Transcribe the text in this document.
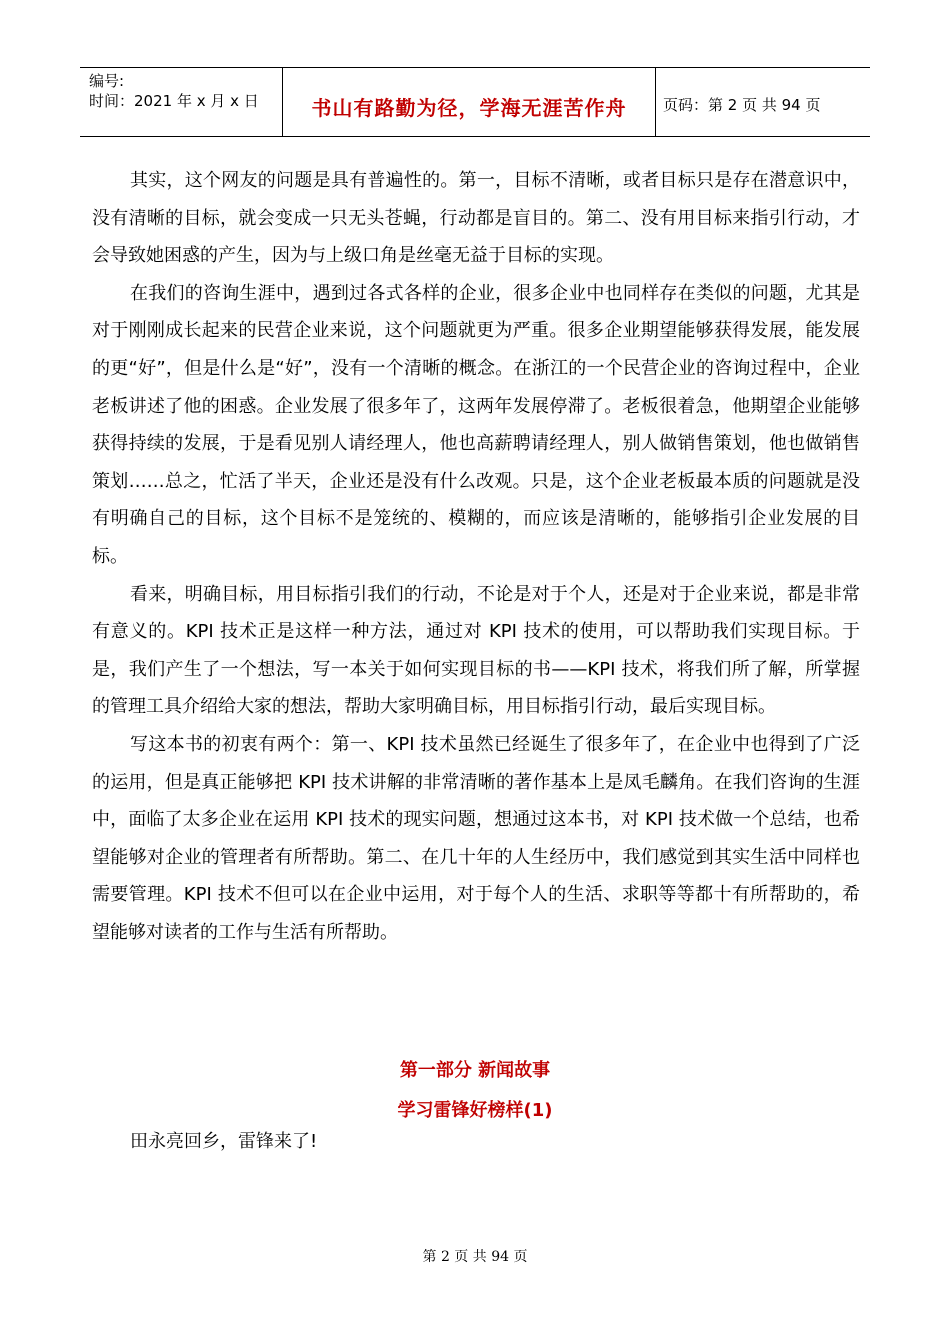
编号:
时间：2021 年 x 月 x 日	书山有路勤为径，学海无涯苦作舟	页码：第 2 页 共 94 页

其实，这个网友的问题是具有普遍性的。第一，目标不清晰，或者目标只是存在潜意识中，没有清晰的目标，就会变成一只无头苍蝇，行动都是盲目的。第二、没有用目标来指引行动，才会导致她困惑的产生，因为与上级口角是丝毫无益于目标的实现。

在我们的咨询生涯中，遇到过各式各样的企业，很多企业中也同样存在类似的问题，尤其是对于刚刚成长起来的民营企业来说，这个问题就更为严重。很多企业期望能够获得发展，能发展的更“好”，但是什么是“好”，没有一个清晰的概念。在浙江的一个民营企业的咨询过程中，企业老板讲述了他的困惑。企业发展了很多年了，这两年发展停滞了。老板很着急，他期望企业能够获得持续的发展，于是看见别人请经理人，他也高薪聘请经理人，别人做销售策划，他也做销售策划……总之，忙活了半天，企业还是没有什么改观。只是，这个企业老板最本质的问题就是没有明确自己的目标，这个目标不是笼统的、模糊的，而应该是清晰的，能够指引企业发展的目标。

看来，明确目标，用目标指引我们的行动，不论是对于个人，还是对于企业来说，都是非常有意义的。KPI 技术正是这样一种方法，通过对 KPI 技术的使用，可以帮助我们实现目标。于是，我们产生了一个想法，写一本关于如何实现目标的书——KPI 技术，将我们所了解，所掌握的管理工具介绍给大家的想法，帮助大家明确目标，用目标指引行动，最后实现目标。

写这本书的初衷有两个：第一、KPI 技术虽然已经诞生了很多年了，在企业中也得到了广泛的运用，但是真正能够把 KPI 技术讲解的非常清晰的著作基本上是凤毛麟角。在我们咨询的生涯中，面临了太多企业在运用 KPI 技术的现实问题，想通过这本书，对 KPI 技术做一个总结，也希望能够对企业的管理者有所帮助。第二、在几十年的人生经历中，我们感觉到其实生活中同样也需要管理。KPI 技术不但可以在企业中运用，对于每个人的生活、求职等等都十有所帮助的，希望能够对读者的工作与生活有所帮助。

第一部分 新闻故事
学习雷锋好榜样(1)
田永亮回乡，雷锋来了!
第 2 页 共 94 页
